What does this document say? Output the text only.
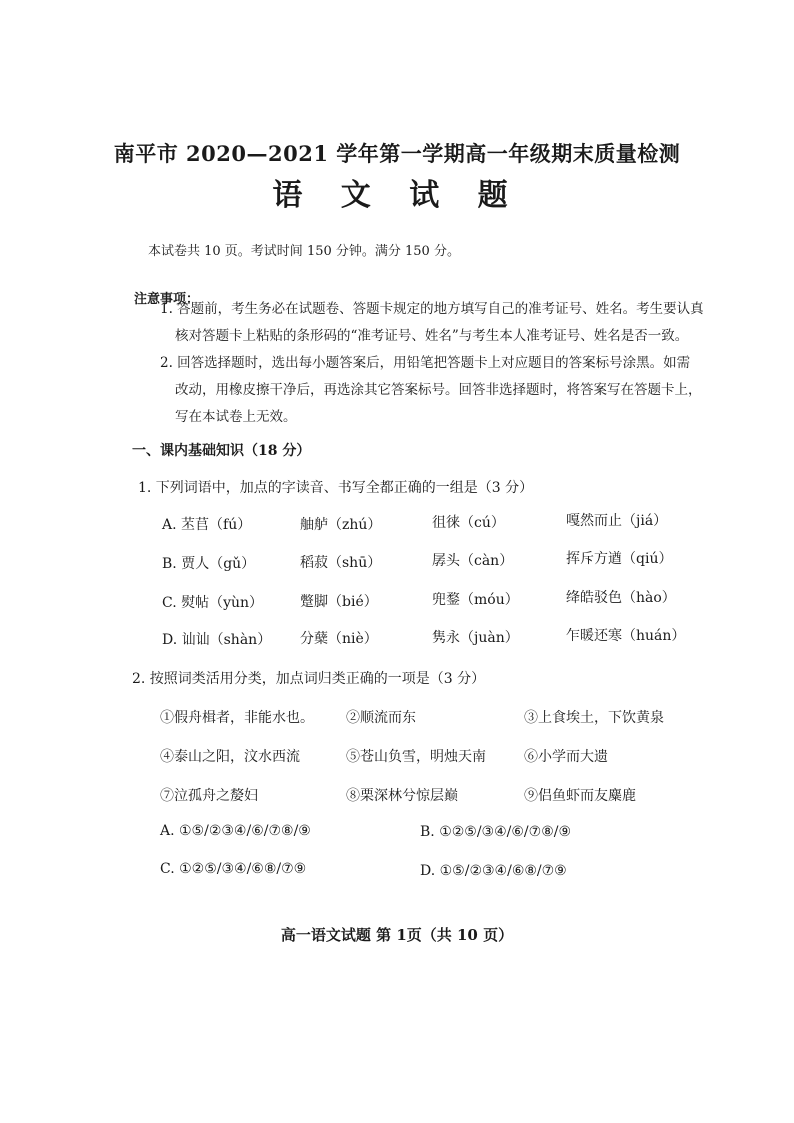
南平市 2020—2021 学年第一学期高一年级期末质量检测
语 文 试 题
本试卷共 10 页。考试时间 150 分钟。满分 150 分。
注意事项：
1. 答题前，考生务必在试题卷、答题卡规定的地方填写自己的准考证号、姓名。考生要认真
核对答题卡上粘贴的条形码的“准考证号、姓名”与考生本人准考证号、姓名是否一致。
2. 回答选择题时，选出每小题答案后，用铅笔把答题卡上对应题目的答案标号涂黑。如需
改动，用橡皮擦干净后，再选涂其它答案标号。回答非选择题时，将答案写在答题卡上，
写在本试卷上无效。
一、课内基础知识（18 分）
1. 下列词语中，加点的字读音、书写全都正确的一组是（3 分）
A. 苤苢（fú）	舳舻（zhú）	徂徕（cú）	嘎然而止（jiá）
B. 贾人（gǔ）	稻菽（shū）	孱头（càn）	挥斥方遒（qiú）
C. 熨帖（yùn）	蹩脚（bié）	兜鍪（móu）	绛皓驳色（hào）
D. 讪讪（shàn） 分蘖（niè）	隽永（juàn）	乍暖还寒（huán）
2. 按照词类活用分类，加点词归类正确的一项是（3 分）
①假舟楫者，非能水也。 ②顺流而东	③上食埃土，下饮黄泉
④泰山之阳，汶水西流	⑤苍山负雪，明烛天南	⑥小学而大遗
⑦泣孤舟之嫠妇	⑧栗深林兮惊层巅	⑨侣鱼虾而友麋鹿
A. ①⑤/②③④/⑥/⑦⑧/⑨	B. ①②⑤/③④/⑥/⑦⑧/⑨
C. ①②⑤/③④/⑥⑧/⑦⑨	D. ①⑤/②③④/⑥⑧/⑦⑨
高一语文试题 第 1页（共 10 页）
